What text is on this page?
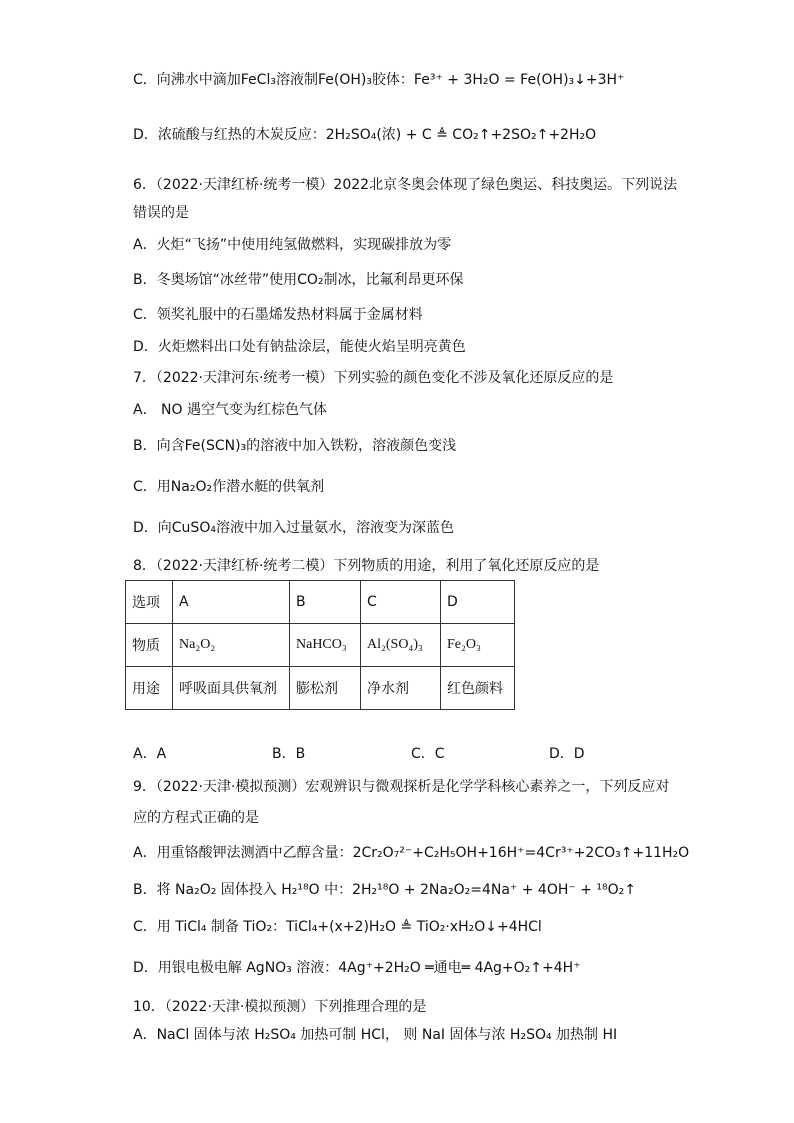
C．向沸水中滴加FeCl₃溶液制Fe(OH)₃胶体：Fe³⁺ + 3H₂O = Fe(OH)₃↓+3H⁺
D．浓硫酸与红热的木炭反应：2H₂SO₄(浓) + C ≜ CO₂↑+2SO₂↑+2H₂O
6．（2022·天津红桥·统考一模）2022北京冬奥会体现了绿色奥运、科技奥运。下列说法
错误的是
A．火炬“飞扬”中使用纯氢做燃料，实现碳排放为零
B．冬奥场馆“冰丝带”使用CO₂制冰，比氟利昂更环保
C．领奖礼服中的石墨烯发热材料属于金属材料
D．火炬燃料出口处有钠盐涂层，能使火焰呈明亮黄色
7．（2022·天津河东·统考一模）下列实验的颜色变化不涉及氧化还原反应的是
A． NO 遇空气变为红棕色气体
B．向含Fe(SCN)₃的溶液中加入铁粉，溶液颜色变浅
C．用Na₂O₂作潜水艇的供氧剂
D．向CuSO₄溶液中加入过量氨水，溶液变为深蓝色
8．（2022·天津红桥·统考二模）下列物质的用途，利用了氧化还原反应的是
选项	A	B	C	D
物质	Na₂O₂	NaHCO₃	Al₂(SO₄)₃	Fe₂O₃
用途	呼吸面具供氧剂	膨松剂	净水剂	红色颜料
A．A	B．B	C．C	D．D
9．（2022·天津·模拟预测）宏观辨识与微观探析是化学学科核心素养之一，下列反应对
应的方程式正确的是
A．用重铬酸钾法测酒中乙醇含量：2Cr₂O₇²⁻+C₂H₅OH+16H⁺=4Cr³⁺+2CO₃↑+11H₂O
B．将 Na₂O₂ 固体投入 H₂¹⁸O 中：2H₂¹⁸O + 2Na₂O₂=4Na⁺ + 4OH⁻ + ¹⁸O₂↑
C．用 TiCl₄ 制备 TiO₂：TiCl₄+(x+2)H₂O ≜ TiO₂·xH₂O↓+4HCl
D．用银电极电解 AgNO₃ 溶液：4Ag⁺+2H₂O ═通电═ 4Ag+O₂↑+4H⁺
10．（2022·天津·模拟预测）下列推理合理的是
A．NaCl 固体与浓 H₂SO₄ 加热可制 HCl， 则 NaI 固体与浓 H₂SO₄ 加热制 HI
